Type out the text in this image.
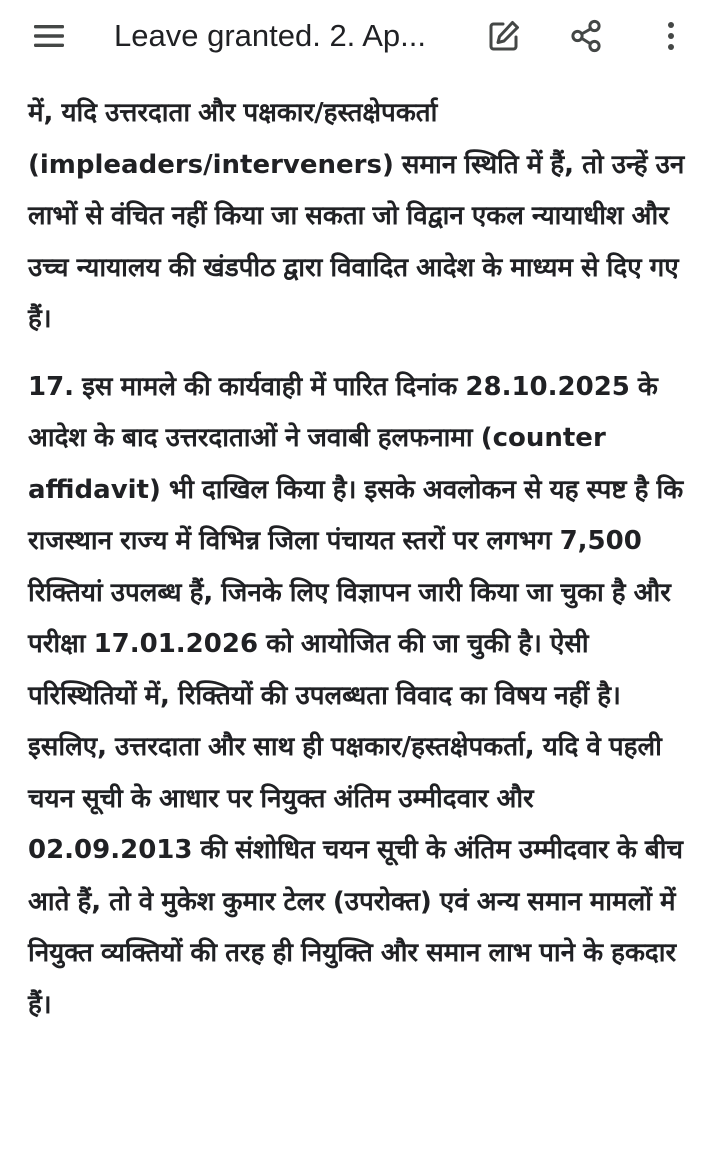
Leave granted. 2. Ap...

में, यदि उत्तरदाता और पक्षकार/हस्तक्षेपकर्ता (impleaders/interveners) समान स्थिति में हैं, तो उन्हें उन लाभों से वंचित नहीं किया जा सकता जो विद्वान एकल न्यायाधीश और उच्च न्यायालय की खंडपीठ द्वारा विवादित आदेश के माध्यम से दिए गए हैं।

17. इस मामले की कार्यवाही में पारित दिनांक 28.10.2025 के आदेश के बाद उत्तरदाताओं ने जवाबी हलफनामा (counter affidavit) भी दाखिल किया है। इसके अवलोकन से यह स्पष्ट है कि राजस्थान राज्य में विभिन्न जिला पंचायत स्तरों पर लगभग 7,500 रिक्तियां उपलब्ध हैं, जिनके लिए विज्ञापन जारी किया जा चुका है और परीक्षा 17.01.2026 को आयोजित की जा चुकी है। ऐसी परिस्थितियों में, रिक्तियों की उपलब्धता विवाद का विषय नहीं है। इसलिए, उत्तरदाता और साथ ही पक्षकार/हस्तक्षेपकर्ता, यदि वे पहली चयन सूची के आधार पर नियुक्त अंतिम उम्मीदवार और 02.09.2013 की संशोधित चयन सूची के अंतिम उम्मीदवार के बीच आते हैं, तो वे मुकेश कुमार टेलर (उपरोक्त) एवं अन्य समान मामलों में नियुक्त व्यक्तियों की तरह ही नियुक्ति और समान लाभ पाने के हकदार हैं।
